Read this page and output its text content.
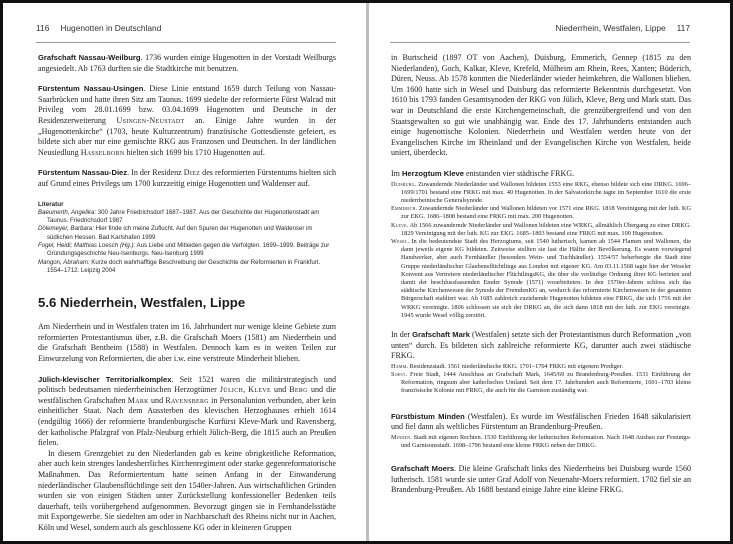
116 Hugenotten in Deutschland

Grafschaft Nassau-Weilburg. 1736 wurden einige Hugenotten in der Vorstadt Weilburgs angesiedelt. Ab 1763 durften sie die Stadtkirche mit benutzen.

Fürstentum Nassau-Usingen. Diese Linie entstand 1659 durch Teilung von Nassau-Saarbrücken und hatte ihren Sitz am Taunus. 1699 siedelte der reformierte Fürst Walrad mit Privileg vom 28.01.1699 bzw. 03.04.1699 Hugenotten und Deutsche in der Residenzerweiterung Usingen-Neustadt an. Einige Jahre wurden in der „Hugenottenkirche“ (1703, heute Kulturzentrum) französische Gottesdienste gefeiert, es bildete sich aber nur eine gemischte RKG aus Franzosen und Deutschen. In der ländlichen Neusiedlung Hasselborn hielten sich 1699 bis 1710 Hugenotten auf.

Fürstentum Nassau-Diez. In der Residenz Diez des reformierten Fürstentums hielten sich auf Grund eines Privilegs um 1700 kurzzeitig einige Hugenotten und Waldenser auf.

Literatur
Baeumerth, Angelika: 300 Jahre Friedrichsdorf 1687–1987. Aus der Geschichte der Hugenottenstadt am Taunus. Friedrichsdorf 1987
Dölemeyer, Barbara: Hier finde ich meine Zuflucht. Auf den Spuren der Hugenotten und Waldenser im südlichen Hessen. Bad Karlshafen 1999
Fogel, Heidi; Matthias Loesch (Hg.): Aus Liebe und Mitleiden gegen die Verfolgten. 1699–1999. Beiträge zur Gründungsgeschichte Neu-Isenburgs. Neu-Isenburg 1999
Mangon, Abraham: Kurze doch wahrhafftige Beschreibung der Geschichte der Reformierten in Frankfurt. 1554–1712. Leipzig 2004
5.6 Niederrhein, Westfalen, Lippe

Am Niederrhein und in Westfalen traten im 16. Jahrhundert nur wenige kleine Gebiete zum reformierten Protestantismus über, z.B. die Grafschaft Moers (1581) am Niederrhein und die Grafschaft Bentheim (1588) in Westfalen. Dennoch kam es in weiten Teilen zur Einwurzelung von Reformierten, die aber i.w. eine verstreute Minderheit blieben.

Jülich-klevischer Territorialkomplex. Seit 1521 waren die militärstrategisch und politisch bedeutsamen niederrheinischen Herzogtümer Jülich, Kleve und Berg und die westfälischen Grafschaften Mark und Ravensberg in Personalunion verbunden, aber kein einheitlicher Staat. Nach dem Aussterben des klevischen Herzoghauses erhielt 1614 (endgültig 1666) der reformierte brandenburgische Kurfürst Kleve-Mark und Ravensberg, der katholische Pfalzgraf von Pfalz-Neuburg erhielt Jülich-Berg, die 1815 auch an Preußen fielen.

In diesem Grenzgebiet zu den Niederlanden gab es keine obrigkeitliche Reformation, aber auch kein strenges landesherrliches Kirchenregiment oder starke gegenreformatorische Maßnahmen. Das Reformiertentum hatte seinen Anfang in der Einwanderung niederländischer Glaubensflüchtlinge seit den 1540er-Jahren. Aus wirtschaftlichen Gründen wurden sie von einigen Städten unter Zurückstellung konfessioneller Bedenken teils dauerhaft, teils vorübergehend aufgenommen. Bevorzugt gingen sie in Fernhandelsstädte mit Exportgewerbe. Sie siedelten am oder in Nachbarschaft des Rheins nicht nur in Aachen, Köln und Wesel, sondern auch als geschlossene KG oder in kleineren Gruppen

Niederrhein, Westfalen, Lippe 117

in Burtscheid (1897 OT von Aachen), Duisburg, Emmerich, Gennep (1815 zu den Niederlanden), Goch, Kalkar, Kleve, Krefeld, Mülheim am Rhein, Rees, Xanten; Büderich, Düren, Neuss. Ab 1578 konnten die Niederländer wieder heimkehren, die Wallonen blieben. Um 1600 hatte sich in Wesel und Duisburg das reformierte Bekenntnis durchgesetzt. Von 1610 bis 1793 fanden Gesamtsynoden der RKG von Jülich, Kleve, Berg und Mark statt. Das war in Deutschland die erste Kirchengemeinschaft, die grenzübergreifend und von den Staatsgewalten so gut wie unabhängig war. Ende des 17. Jahrhunderts entstanden auch einige hugenottische Kolonien. Niederrhein und Westfalen werden heute von der Evangelischen Kirche im Rheinland und der Evangelischen Kirche von Westfalen, beide uniert, überdeckt.

Im Herzogtum Kleve entstanden vier städtische FRKG.

Duisburg. Zuwandernde Niederländer und Wallonen bildeten 1553 eine RKG, ebenso bildete sich eine DRKG. 1696–1699/1701 bestand eine FRKG mit max. 40 Hugenotten. In der Salvatorkirche tagte im September 1610 die erste niederrheinische Generalsynode.
Emmerich. Zuwandernde Niederländer und Wallonen bildeten vor 1571 eine RKG. 1818 Vereinigung mit der luth. KG zur EKG. 1686–1808 bestand eine FRKG mit max. 200 Hugenotten.
Kleve. Ab 1566 zuwandernde Niederländer und Wallonen bildeten eine WRKG, allmählich Übergang zu einer DRKG. 1829 Vereinigung mit der luth. KG zur EKG. 1685–1803 bestand eine FRKG mit max. 100 Hugenotten.
Wesel. In die bedeutendste Stadt des Herzogtums, seit 1540 lutherisch, kamen ab 1544 Flamen und Wallonen, die dann jeweils eigene KG bildeten. Zeitweise stellten sie fast die Hälfte der Bevölkerung. Es waren vorwiegend Handwerker, aber auch Fernhändler (besonders Wein- und Tuchhändler). 1554/57 beherbergte die Stadt eine Gruppe niederländischer Glaubensflüchtlinge aus London mit eigener KG. Am 03.11.1568 tagte hier der Weseler Konvent aus Vertretern niederländischer FlüchtlingsKG, die über die vorläufige Ordnung ihrer KG berieten und damit der beschlussfassenden Emder Synode (1571) vorarbeiteten. In den 1570er-Jahren schloss sich das städtische Kirchenwesen der Synode der FremdenKG an, wodurch das reformierte Kirchenwesen in der gesamten Bürgerschaft etabliert war. Ab 1685 zahlreich zuziehende Hugenotten bildeten eine FRKG, die sich 1756 mit der WRKG vereinigte. 1806 schlossen sie sich der DRKG an, die sich dann 1818 mit der luth. zur EKG vereinigte. 1945 wurde Wesel völlig zerstört.

In der Grafschaft Mark (Westfalen) setzte sich der Protestantismus durch Reformation „von unten“ durch. Es bildeten sich zahlreiche reformierte KG, darunter auch zwei städtische FRKG.

Hamm. Residenzstadt. 1561 niederländische RKG. 1701–1704 FRKG mit eigenem Prediger.
Soest. Freie Stadt, 1444 Anschluss an Grafschaft Mark, 1645/69 zu Brandenburg-Preußen. 1531 Einführung der Reformation, ringsum aber katholisches Umland. Seit dem 17. Jahrhundert auch Reformierte, 1691–1703 kleine französische Kolonie mit FRKG, die auch für die Garnison zuständig war.

Fürstbistum Minden (Westfalen). Es wurde im Westfälischen Frieden 1648 säkularisiert und fiel dann als weltliches Fürstentum an Brandenburg-Preußen.

Minden. Stadt mit eigenen Rechten. 1530 Einführung der lutherischen Reformation. Nach 1648 Ausbau zur Festungs- und Garnisonsstadt. 1698–1796 bestand eine kleine FRKG neben der DRKG.

Grafschaft Moers. Die kleine Grafschaft links des Niederrheins bei Duisburg wurde 1560 lutherisch. 1581 wurde sie unter Graf Adolf von Neuenahr-Moers reformiert. 1702 fiel sie an Brandenburg-Preußen. Ab 1688 bestand einige Jahre eine kleine FRKG.
